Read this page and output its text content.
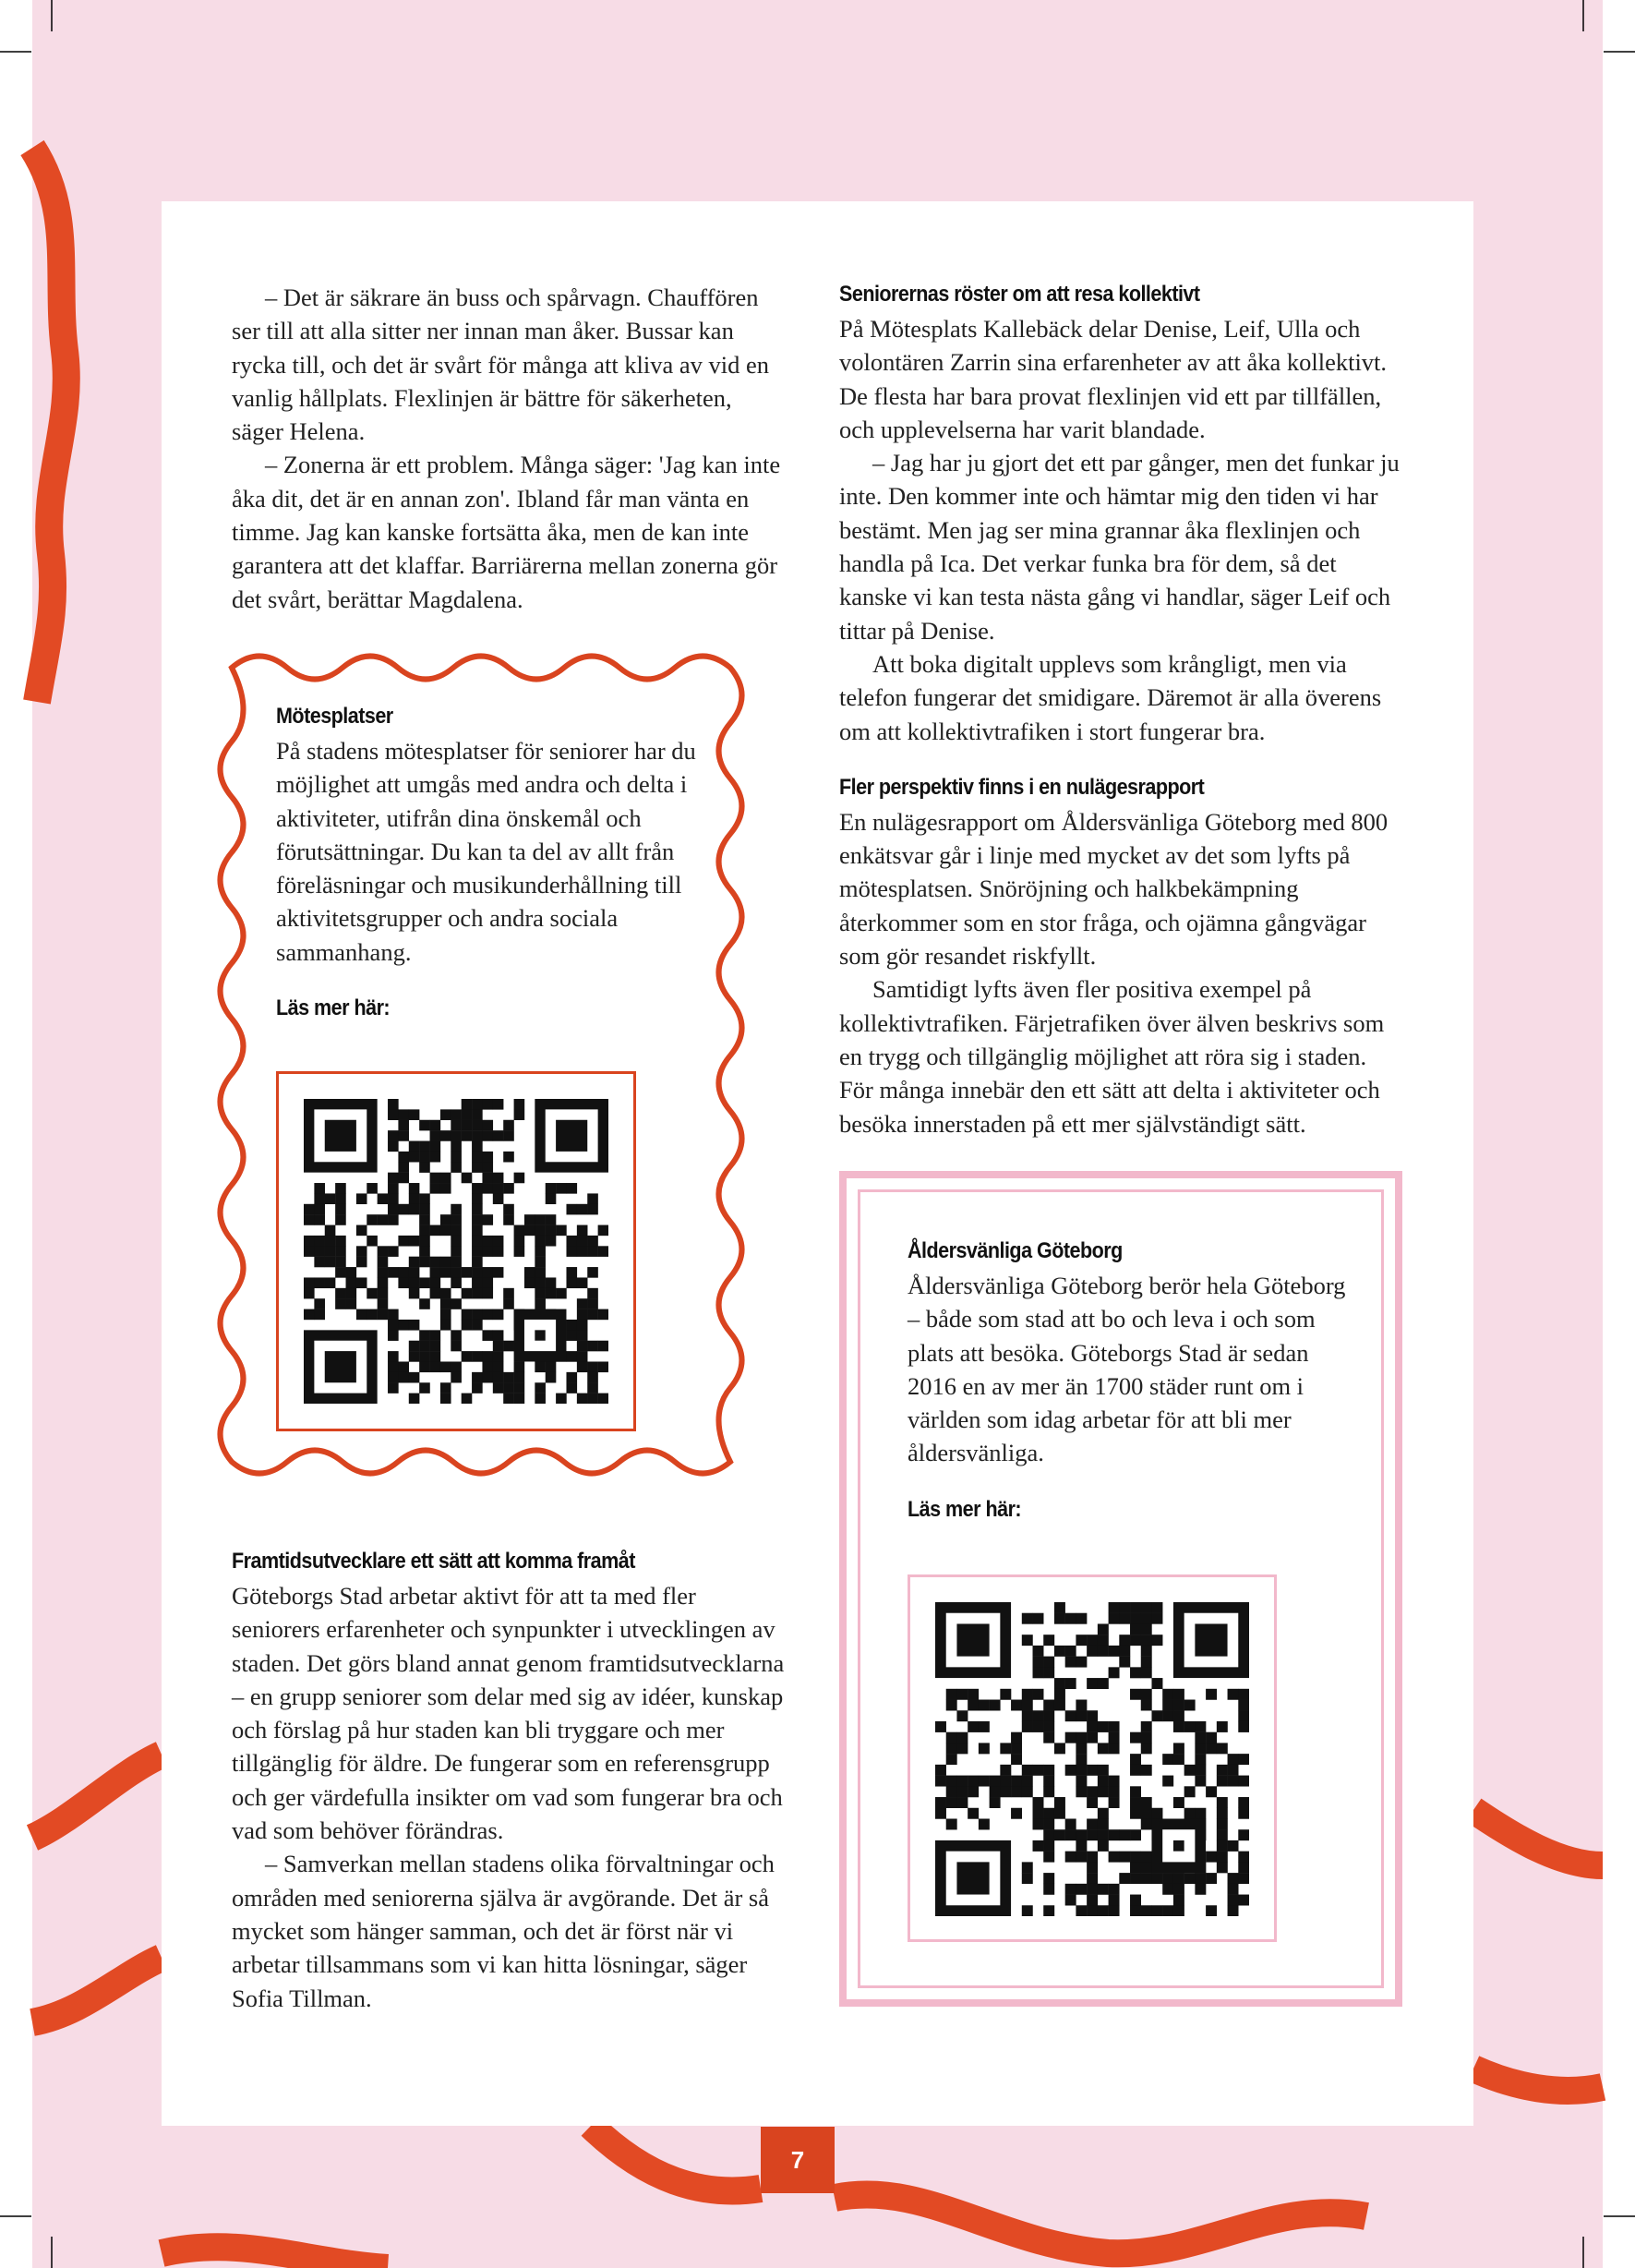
– Det är säkrare än buss och spårvagn. Chauffören ser till att alla sitter ner innan man åker. Bussar kan rycka till, och det är svårt för många att kliva av vid en vanlig hållplats. Flexlinjen är bättre för säkerheten, säger Helena.

– Zonerna är ett problem. Många säger: 'Jag kan inte åka dit, det är en annan zon'. Ibland får man vänta en timme. Jag kan kanske fortsätta åka, men de kan inte garantera att det klaffar. Barriärerna mellan zonerna gör det svårt, berättar Magdalena.

Mötesplatser

På stadens mötesplatser för seniorer har du möjlighet att umgås med andra och delta i aktiviteter, utifrån dina önskemål och förutsättningar. Du kan ta del av allt från föreläsningar och musikunderhållning till aktivitetsgrupper och andra sociala sammanhang.

Läs mer här:
Framtidsutvecklare ett sätt att komma framåt

Göteborgs Stad arbetar aktivt för att ta med fler seniorers erfarenheter och synpunkter i utvecklingen av staden. Det görs bland annat genom framtidsutvecklarna – en grupp seniorer som delar med sig av idéer, kunskap och förslag på hur staden kan bli tryggare och mer tillgänglig för äldre. De fungerar som en referensgrupp och ger värdefulla insikter om vad som fungerar bra och vad som behöver förändras.

– Samverkan mellan stadens olika förvaltningar och områden med seniorerna själva är avgörande. Det är så mycket som hänger samman, och det är först när vi arbetar tillsammans som vi kan hitta lösningar, säger Sofia Tillman.

Seniorernas röster om att resa kollektivt

På Mötesplats Kallebäck delar Denise, Leif, Ulla och volontären Zarrin sina erfarenheter av att åka kollektivt. De flesta har bara provat flexlinjen vid ett par tillfällen, och upplevelserna har varit blandade.

– Jag har ju gjort det ett par gånger, men det funkar ju inte. Den kommer inte och hämtar mig den tiden vi har bestämt. Men jag ser mina grannar åka flexlinjen och handla på Ica. Det verkar funka bra för dem, så det kanske vi kan testa nästa gång vi handlar, säger Leif och tittar på Denise.

Att boka digitalt upplevs som krångligt, men via telefon fungerar det smidigare. Däremot är alla överens om att kollektivtrafiken i stort fungerar bra.

Fler perspektiv finns i en nulägesrapport

En nulägesrapport om Åldersvänliga Göteborg med 800 enkätsvar går i linje med mycket av det som lyfts på mötesplatsen. Snöröjning och halkbekämpning återkommer som en stor fråga, och ojämna gångvägar som gör resandet riskfyllt.

Samtidigt lyfts även fler positiva exempel på kollektivtrafiken. Färjetrafiken över älven beskrivs som en trygg och tillgänglig möjlighet att röra sig i staden. För många innebär den ett sätt att delta i aktiviteter och besöka innerstaden på ett mer självständigt sätt.

Åldersvänliga Göteborg

Åldersvänliga Göteborg berör hela Göteborg – både som stad att bo och leva i och som plats att besöka. Göteborgs Stad är sedan 2016 en av mer än 1700 städer runt om i världen som idag arbetar för att bli mer åldersvänliga.

Läs mer här:
7
